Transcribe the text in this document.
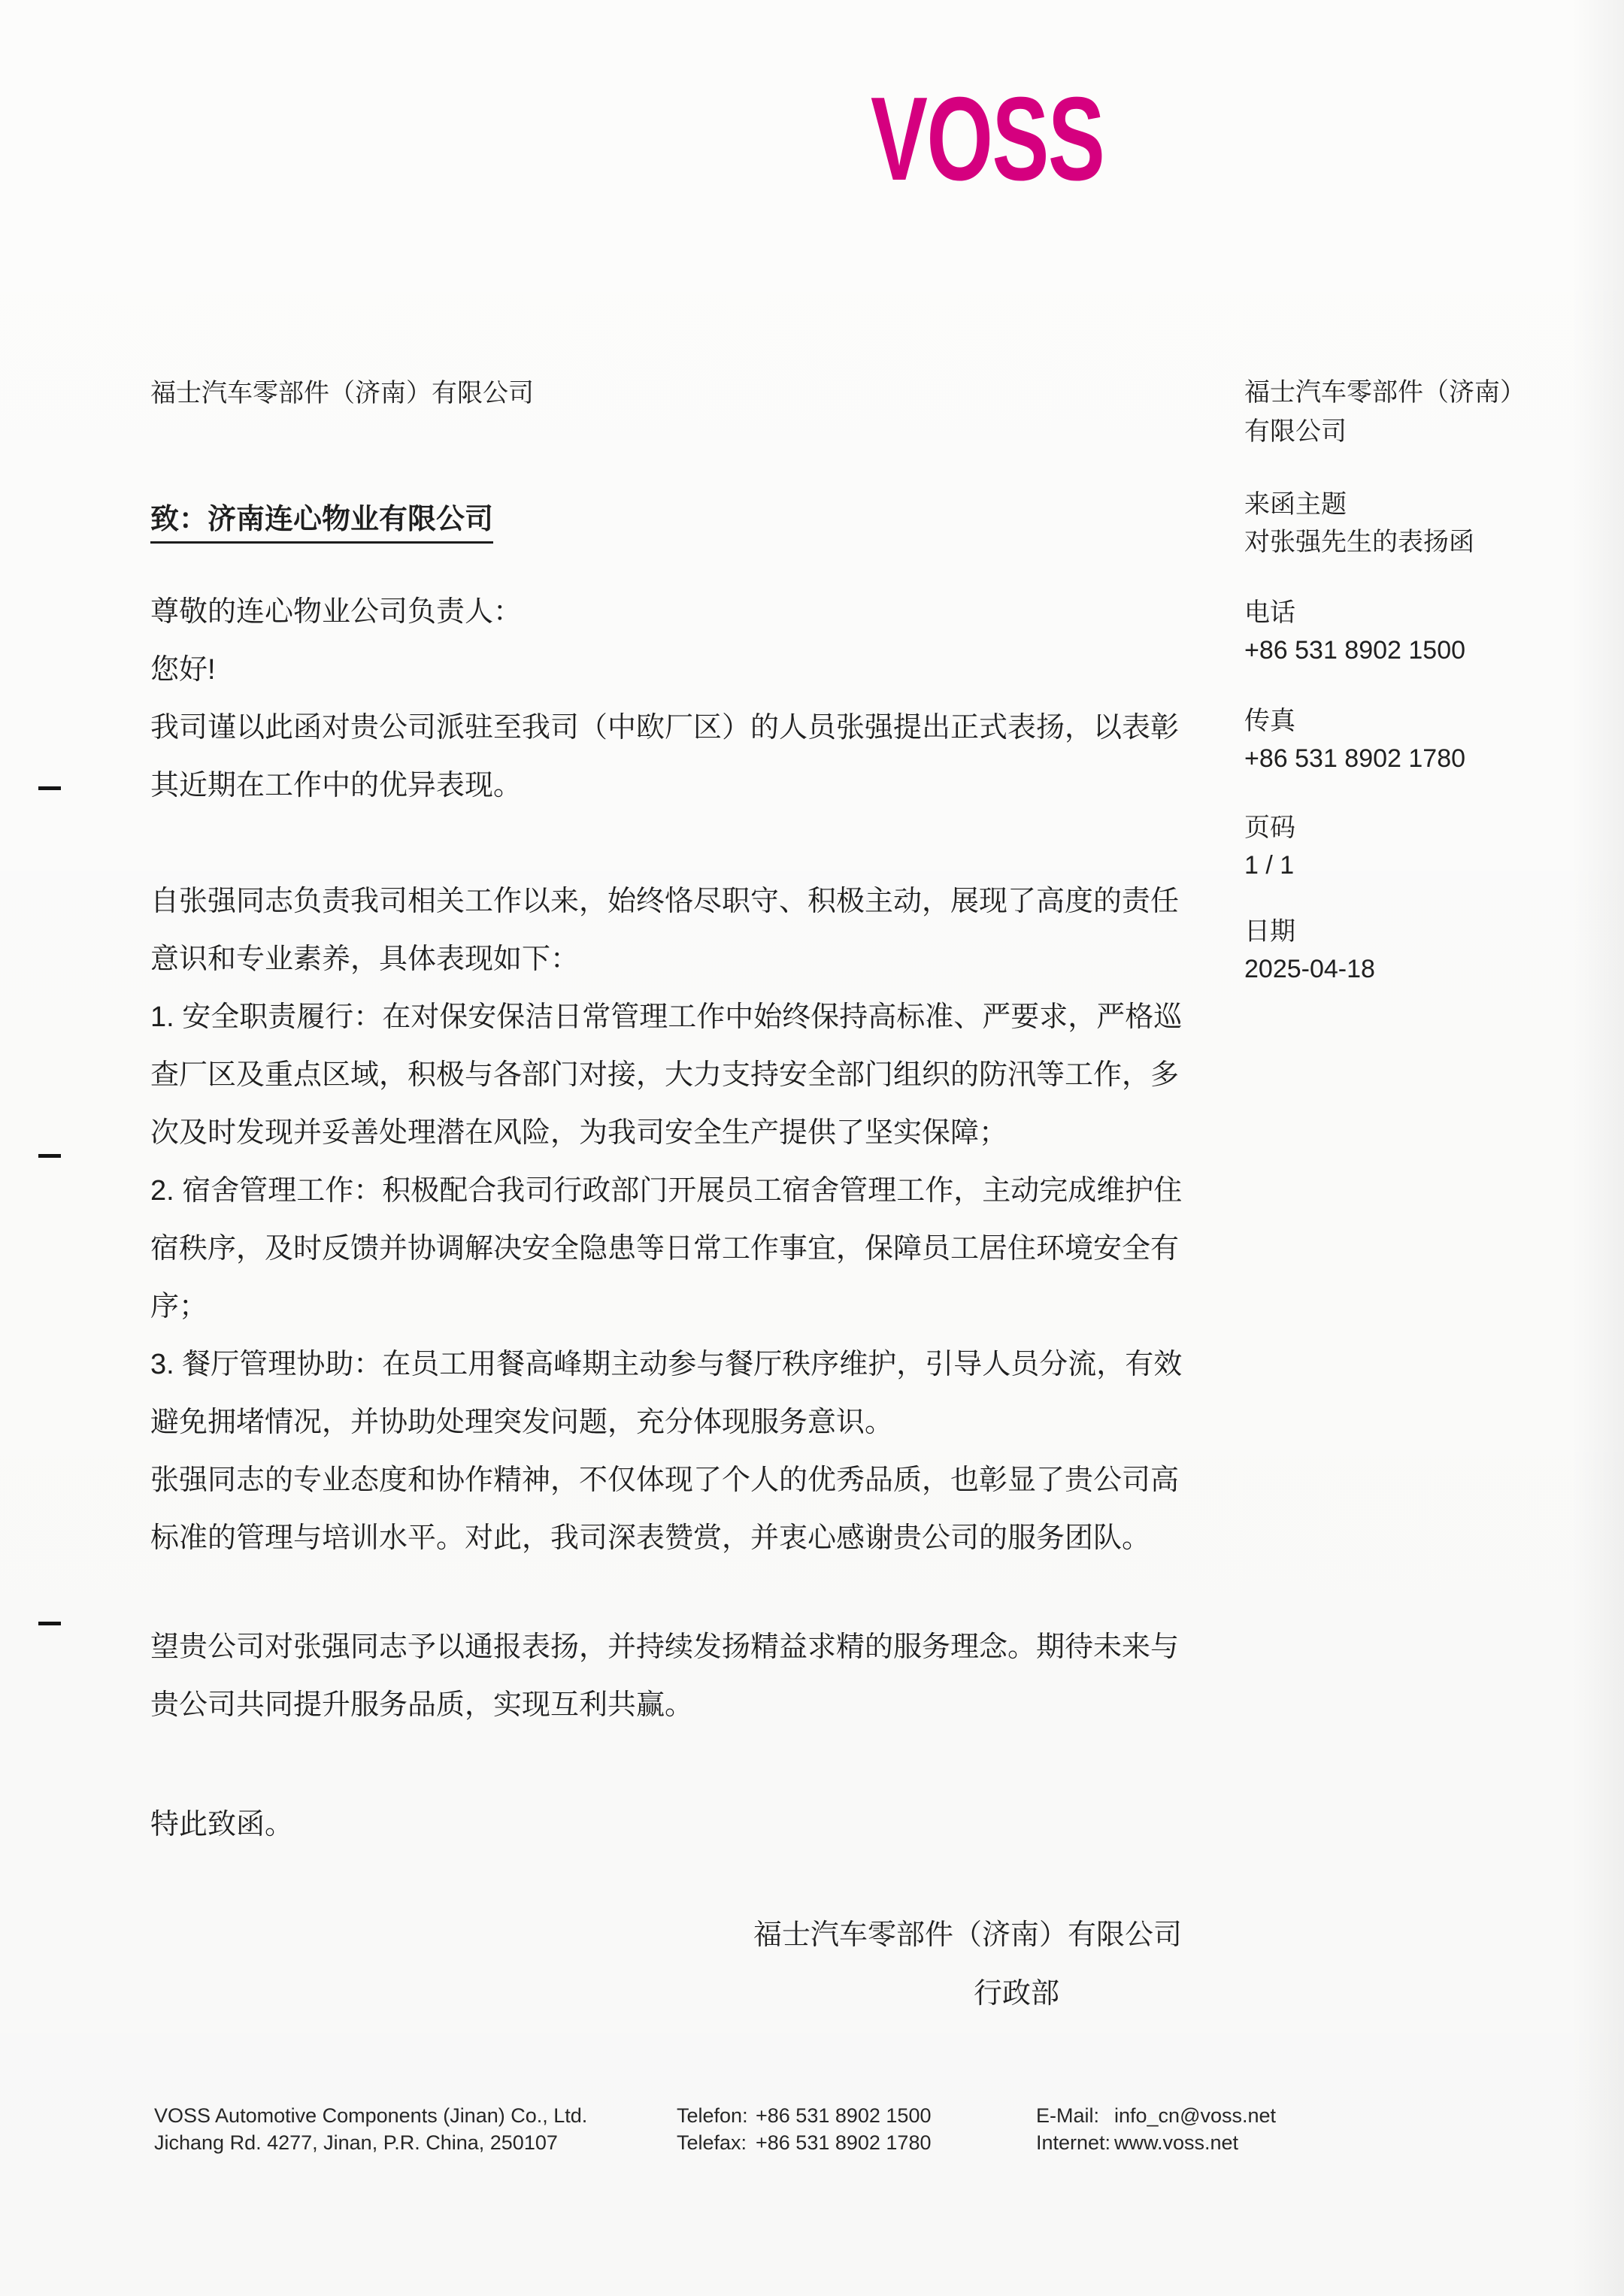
VOSS
福士汽车零部件（济南）有限公司	福士汽车零部件（济南）有限公司
来函主题
对张强先生的表扬函
电话
+86 531 8902 1500
传真
+86 531 8902 1780
页码
1 / 1
日期
2025-04-18
致：济南连心物业有限公司
尊敬的连心物业公司负责人：
您好!
我司谨以此函对贵公司派驻至我司（中欧厂区）的人员张强提出正式表扬，以表彰
其近期在工作中的优异表现。
自张强同志负责我司相关工作以来，始终恪尽职守、积极主动，展现了高度的责任
意识和专业素养，具体表现如下：
1. 安全职责履行：在对保安保洁日常管理工作中始终保持高标准、严要求，严格巡
查厂区及重点区域，积极与各部门对接，大力支持安全部门组织的防汛等工作，多
次及时发现并妥善处理潜在风险，为我司安全生产提供了坚实保障；
2. 宿舍管理工作：积极配合我司行政部门开展员工宿舍管理工作，主动完成维护住
宿秩序，及时反馈并协调解决安全隐患等日常工作事宜，保障员工居住环境安全有
序；
3. 餐厅管理协助：在员工用餐高峰期主动参与餐厅秩序维护，引导人员分流，有效
避免拥堵情况，并协助处理突发问题，充分体现服务意识。
张强同志的专业态度和协作精神，不仅体现了个人的优秀品质，也彰显了贵公司高
标准的管理与培训水平。对此，我司深表赞赏，并衷心感谢贵公司的服务团队。
望贵公司对张强同志予以通报表扬，并持续发扬精益求精的服务理念。期待未来与
贵公司共同提升服务品质，实现互利共赢。
特此致函。
福士汽车零部件（济南）有限公司
行政部
VOSS Automotive Components (Jinan) Co., Ltd.
Jichang Rd. 4277, Jinan, P.R. China, 250107
Telefon: +86 531 8902 1500
Telefax: +86 531 8902 1780
E-Mail: info_cn@voss.net
Internet: www.voss.net
